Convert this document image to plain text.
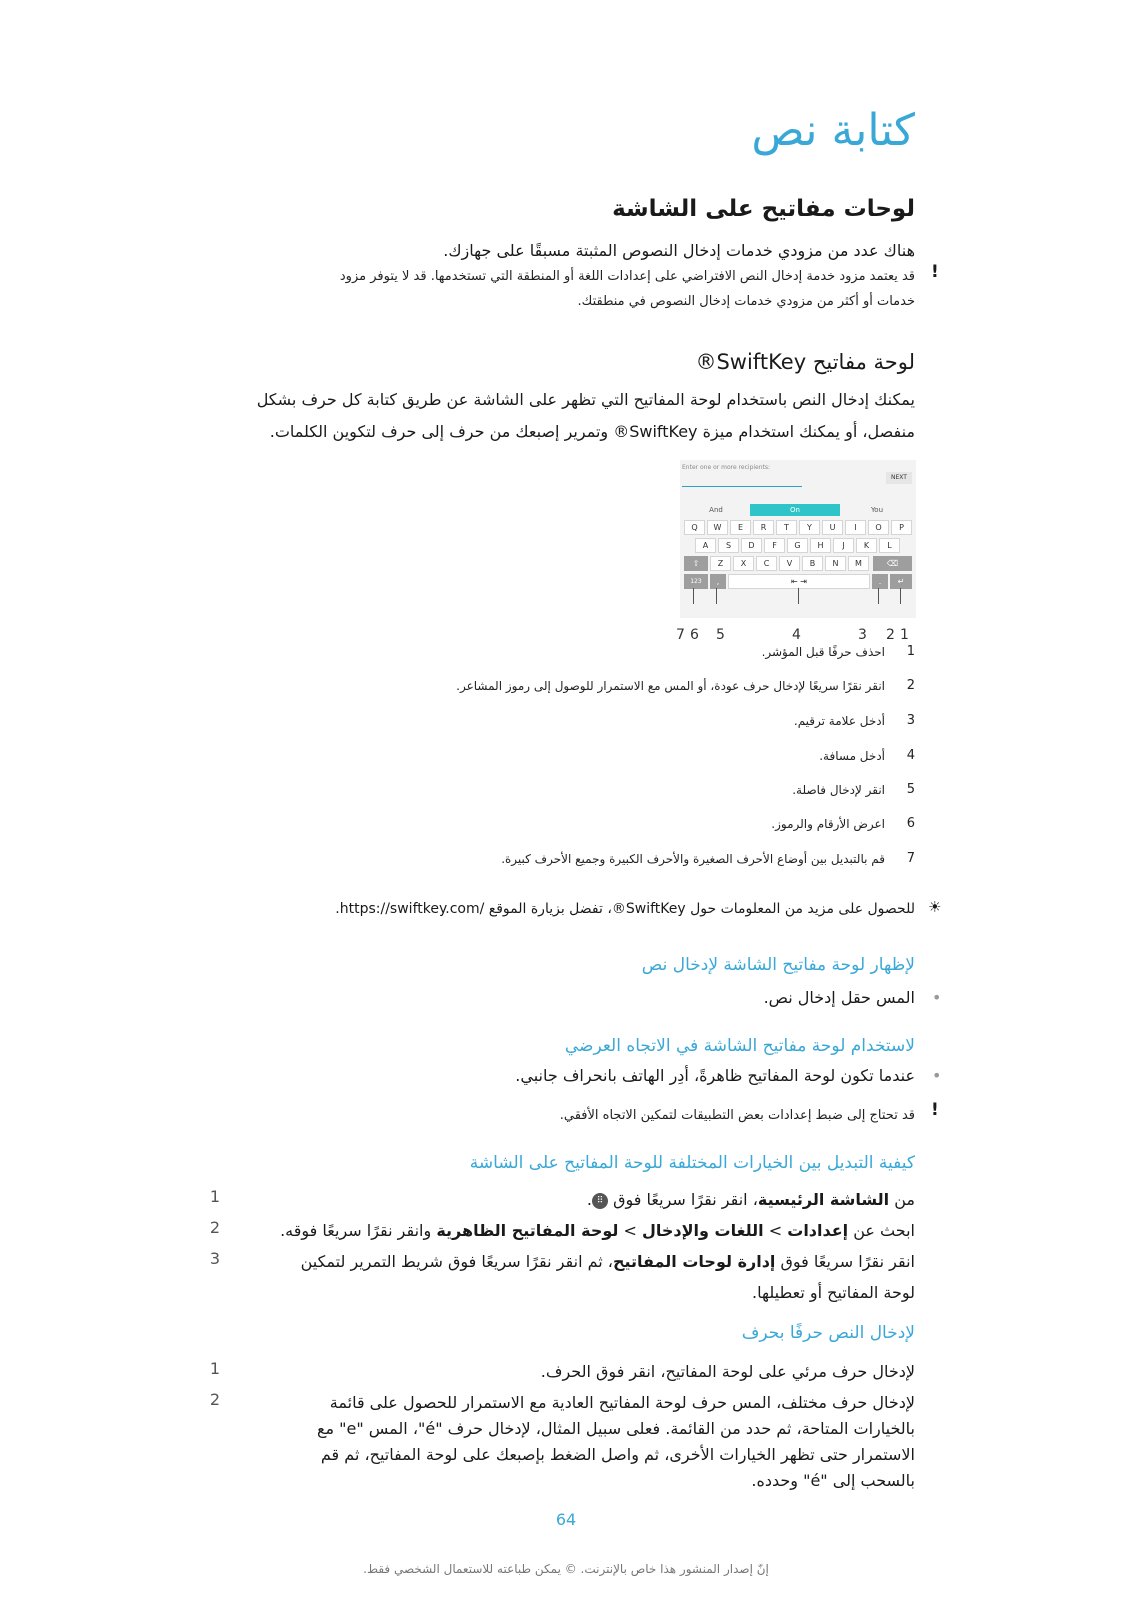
كتابة نص
لوحات مفاتيح على الشاشة
هناك عدد من مزودي خدمات إدخال النصوص المثبتة مسبقًا على جهازك.
!
قد يعتمد مزود خدمة إدخال النص الافتراضي على إعدادات اللغة أو المنطقة التي تستخدمها. قد لا يتوفر مزود
خدمات أو أكثر من مزودي خدمات إدخال النصوص في منطقتك.
لوحة مفاتيح SwiftKey®
يمكنك إدخال النص باستخدام لوحة المفاتيح التي تظهر على الشاشة عن طريق كتابة كل حرف بشكل
منفصل، أو يمكنك استخدام ميزة SwiftKey® وتمرير إصبعك من حرف إلى حرف لتكوين الكلمات.
Enter one or more recipients:
NEXT
And	On	You
Q	W	E	R	T	Y	U	I	O	P
A	S	D	F	G	H	J	K	L
⇧	Z	X	C	V	B	N	M	⌫
123	,	⇤ ⇥	.	↵
7 6 5	4	3 2 1
1
احذف حرفًا قبل المؤشر.
2
انقر نقرًا سريعًا لإدخال حرف عودة، أو المس مع الاستمرار للوصول إلى رموز المشاعر.
3
أدخل علامة ترقيم.
4
أدخل مسافة.
5
انقر لإدخال فاصلة.
6
اعرض الأرقام والرموز.
7
قم بالتبديل بين أوضاع الأحرف الصغيرة والأحرف الكبيرة وجميع الأحرف كبيرة.
☀
للحصول على مزيد من المعلومات حول SwiftKey®، تفضل بزيارة الموقع /https://swiftkey.com.
لإظهار لوحة مفاتيح الشاشة لإدخال نص
•
المس حقل إدخال نص.
لاستخدام لوحة مفاتيح الشاشة في الاتجاه العرضي
•
عندما تكون لوحة المفاتيح ظاهرةً، أدِر الهاتف بانحراف جانبي.
!
قد تحتاج إلى ضبط إعدادات بعض التطبيقات لتمكين الاتجاه الأفقي.
كيفية التبديل بين الخيارات المختلفة للوحة المفاتيح على الشاشة
1	من الشاشة الرئيسية، انقر نقرًا سريعًا فوق ⠿.
2	ابحث عن إعدادات > اللغات والإدخال > لوحة المفاتيح الظاهرية وانقر نقرًا سريعًا فوقه.
3	انقر نقرًا سريعًا فوق إدارة لوحات المفاتيح، ثم انقر نقرًا سريعًا فوق شريط التمرير لتمكين
لوحة المفاتيح أو تعطيلها.
لإدخال النص حرفًا بحرف
1	لإدخال حرف مرئي على لوحة المفاتيح، انقر فوق الحرف.
2	لإدخال حرف مختلف، المس حرف لوحة المفاتيح العادية مع الاستمرار للحصول على قائمة
بالخيارات المتاحة، ثم حدد من القائمة. فعلى سبيل المثال، لإدخال حرف "é"، المس "e" مع
الاستمرار حتى تظهر الخيارات الأخرى، ثم واصل الضغط بإصبعك على لوحة المفاتيح، ثم قم
بالسحب إلى "é" وحدده.
64
إنّ إصدار المنشور هذا خاص بالإنترنت. © يمكن طباعته للاستعمال الشخصي فقط.
